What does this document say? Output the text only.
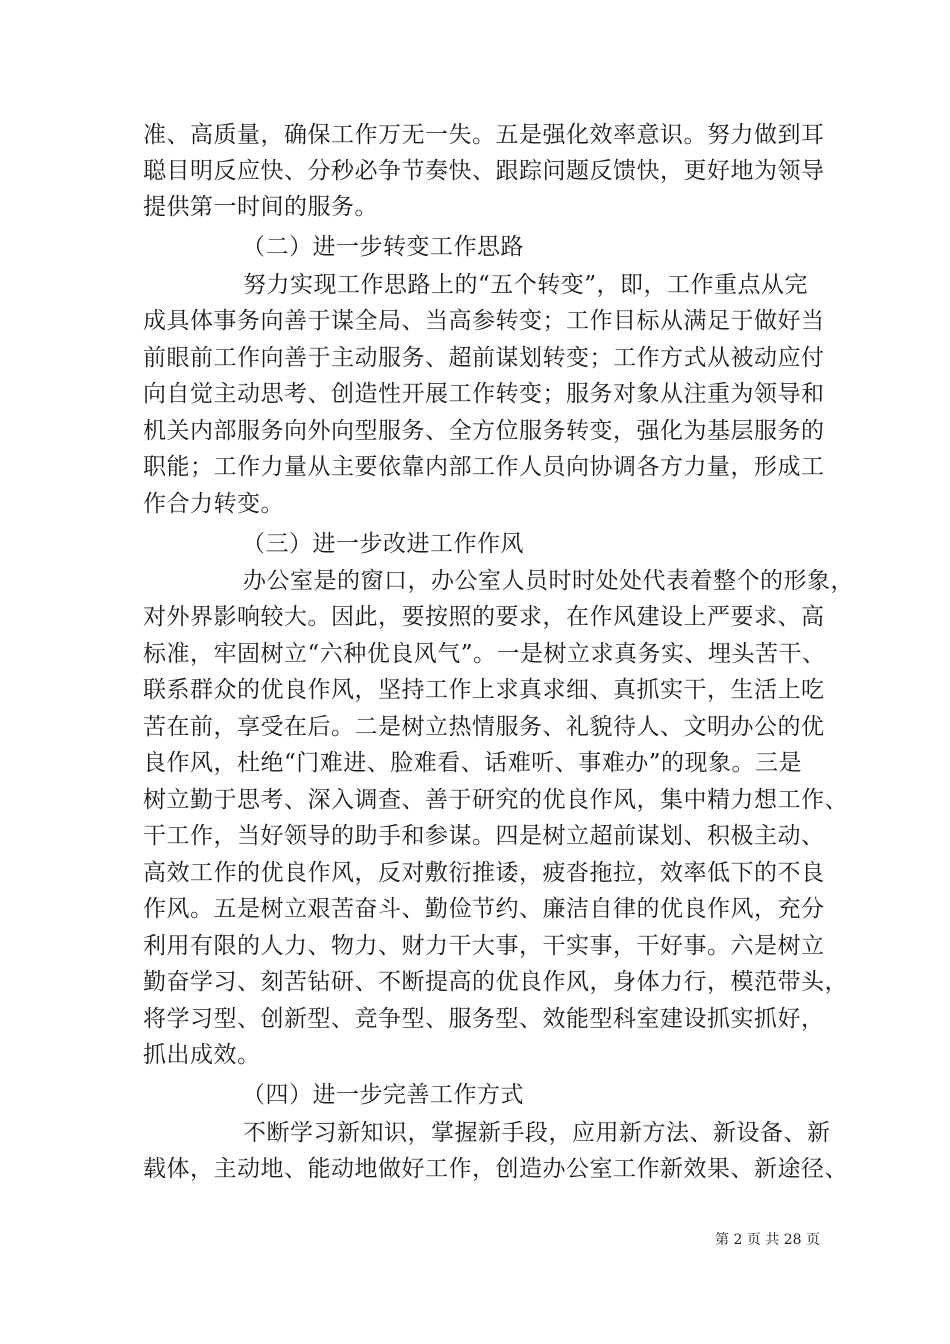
准、高质量，确保工作万无一失。五是强化效率意识。努力做到耳
聪目明反应快、分秒必争节奏快、跟踪问题反馈快，更好地为领导
提供第一时间的服务。
（二）进一步转变工作思路
努力实现工作思路上的“五个转变”，即，工作重点从完
成具体事务向善于谋全局、当高参转变；工作目标从满足于做好当
前眼前工作向善于主动服务、超前谋划转变；工作方式从被动应付
向自觉主动思考、创造性开展工作转变；服务对象从注重为领导和
机关内部服务向外向型服务、全方位服务转变，强化为基层服务的
职能；工作力量从主要依靠内部工作人员向协调各方力量，形成工
作合力转变。
（三）进一步改进工作作风
办公室是的窗口，办公室人员时时处处代表着整个的形象，
对外界影响较大。因此，要按照的要求，在作风建设上严要求、高
标准，牢固树立“六种优良风气”。一是树立求真务实、埋头苦干、
联系群众的优良作风，坚持工作上求真求细、真抓实干，生活上吃
苦在前，享受在后。二是树立热情服务、礼貌待人、文明办公的优
良作风，杜绝“门难进、脸难看、话难听、事难办”的现象。三是
树立勤于思考、深入调查、善于研究的优良作风，集中精力想工作、
干工作，当好领导的助手和参谋。四是树立超前谋划、积极主动、
高效工作的优良作风，反对敷衍推诿，疲沓拖拉，效率低下的不良
作风。五是树立艰苦奋斗、勤俭节约、廉洁自律的优良作风，充分
利用有限的人力、物力、财力干大事，干实事，干好事。六是树立
勤奋学习、刻苦钻研、不断提高的优良作风，身体力行，模范带头，
将学习型、创新型、竞争型、服务型、效能型科室建设抓实抓好，
抓出成效。
（四）进一步完善工作方式
不断学习新知识，掌握新手段，应用新方法、新设备、新
载体，主动地、能动地做好工作，创造办公室工作新效果、新途径、
第 2 页 共 28 页
